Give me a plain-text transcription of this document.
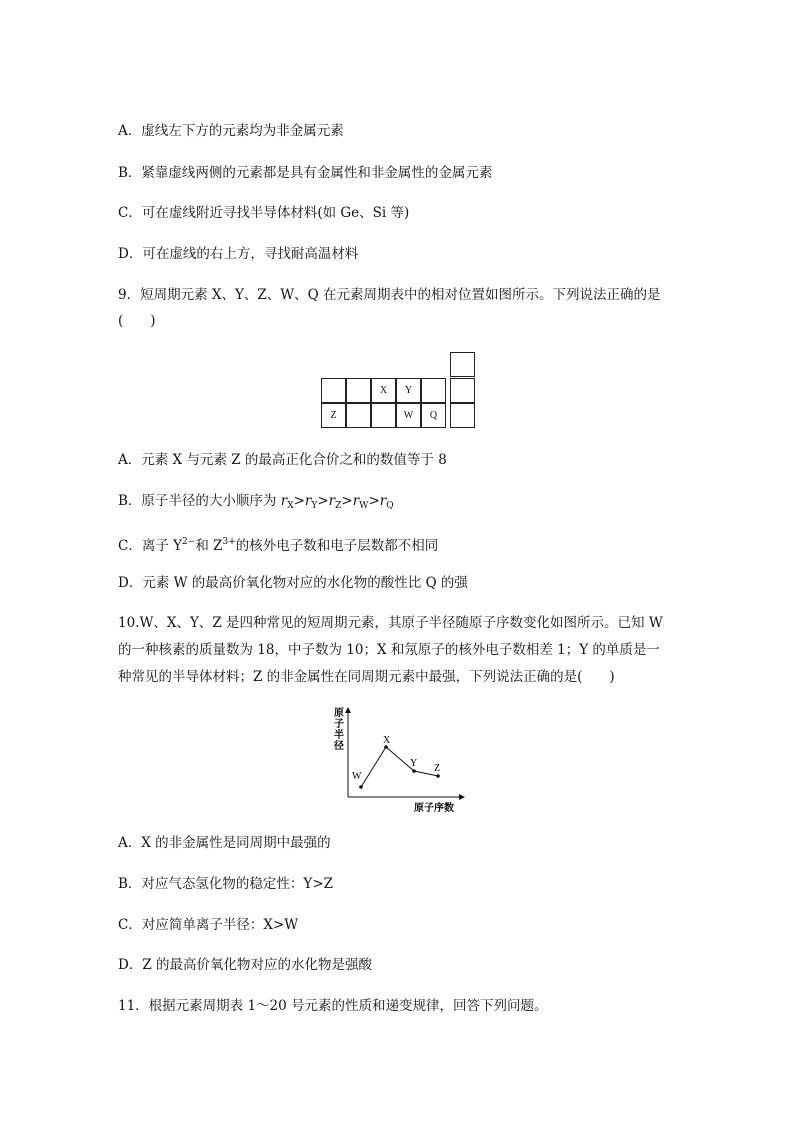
A．虚线左下方的元素均为非金属元素
B．紧靠虚线两侧的元素都是具有金属性和非金属性的金属元素
C．可在虚线附近寻找半导体材料(如 Ge、Si 等)
D．可在虚线的右上方，寻找耐高温材料
9．短周期元素 X、Y、Z、W、Q 在元素周期表中的相对位置如图所示。下列说法正确的是
(　　)
X Y
Z	W Q
A．元素 X 与元素 Z 的最高正化合价之和的数值等于 8
B．原子半径的大小顺序为 $r_X>r_Y>r_Z>r_W>r_Q$
C．离子 $Y^{2-}$和 $Z^{3+}$的核外电子数和电子层数都不相同
D．元素 W 的最高价氧化物对应的水化物的酸性比 Q 的强
10.W、X、Y、Z 是四种常见的短周期元素，其原子半径随原子序数变化如图所示。已知 W
的一种核素的质量数为 18，中子数为 10；X 和氖原子的核外电子数相差 1；Y 的单质是一
种常见的半导体材料；Z 的非金属性在同周期元素中最强，下列说法正确的是(　　)
原 子 半 径
原子序数
W
X
Y Z
A．X 的非金属性是同周期中最强的
B．对应气态氢化物的稳定性：Y>Z
C．对应简单离子半径：X>W
D．Z 的最高价氧化物对应的水化物是强酸
11．根据元素周期表 1～20 号元素的性质和递变规律，回答下列问题。
